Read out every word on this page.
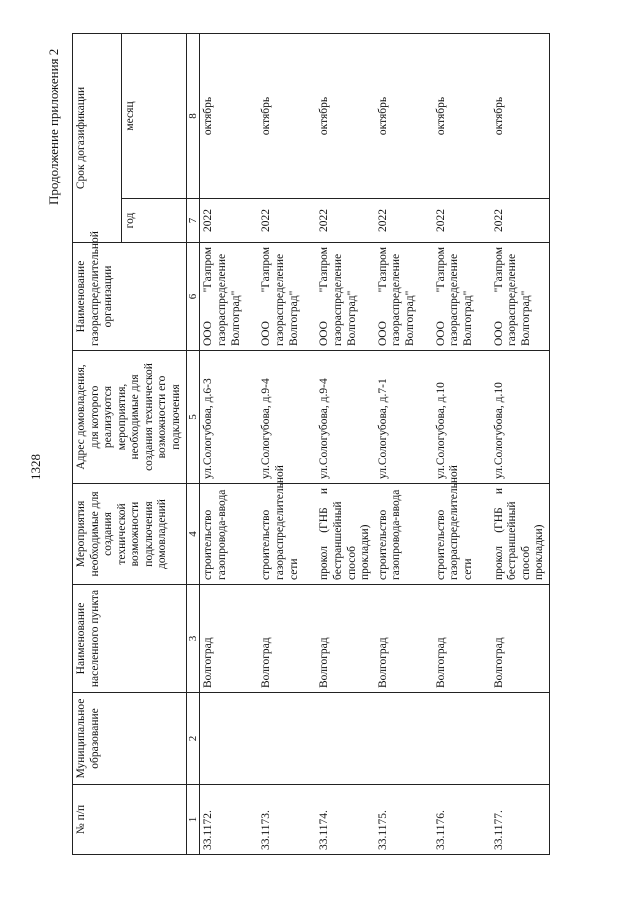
1328
Продолжение приложения 2
№ п/п	Муниципальное образование	Наименование населенного пункта	Мероприятия необходимые для создания технической возможности подключения домовладений	Адрес домовладения, для которого реализуются мероприятия, необходимые для создания технической возможности его подключения	Наименование газораспределительной организации	Срок догазификации	
						год	месяц
1	2	3	4	5	6	7	8
33.1172.		Волгоград	строительство газопровода-ввода	ул.Сологубова, д.6-3	ООО "Газпром газораспределение Волгоград"	2022	октябрь
33.1173.		Волгоград	строительство газораспределительной сети	ул.Сологубова, д.9-4	ООО "Газпром газораспределение Волгоград"	2022	октябрь
33.1174.		Волгоград	прокол (ГНБ и бестраншейный способ прокладки)	ул.Сологубова, д.9-4	ООО "Газпром газораспределение Волгоград"	2022	октябрь
33.1175.		Волгоград	строительство газопровода-ввода	ул.Сологубова, д.7-1	ООО "Газпром газораспределение Волгоград"	2022	октябрь
33.1176.		Волгоград	строительство газораспределительной сети	ул.Сологубова, д.10	ООО "Газпром газораспределение Волгоград"	2022	октябрь
33.1177.		Волгоград	прокол (ГНБ и бестраншейный способ прокладки)	ул.Сологубова, д.10	ООО "Газпром газораспределение Волгоград"	2022	октябрь
